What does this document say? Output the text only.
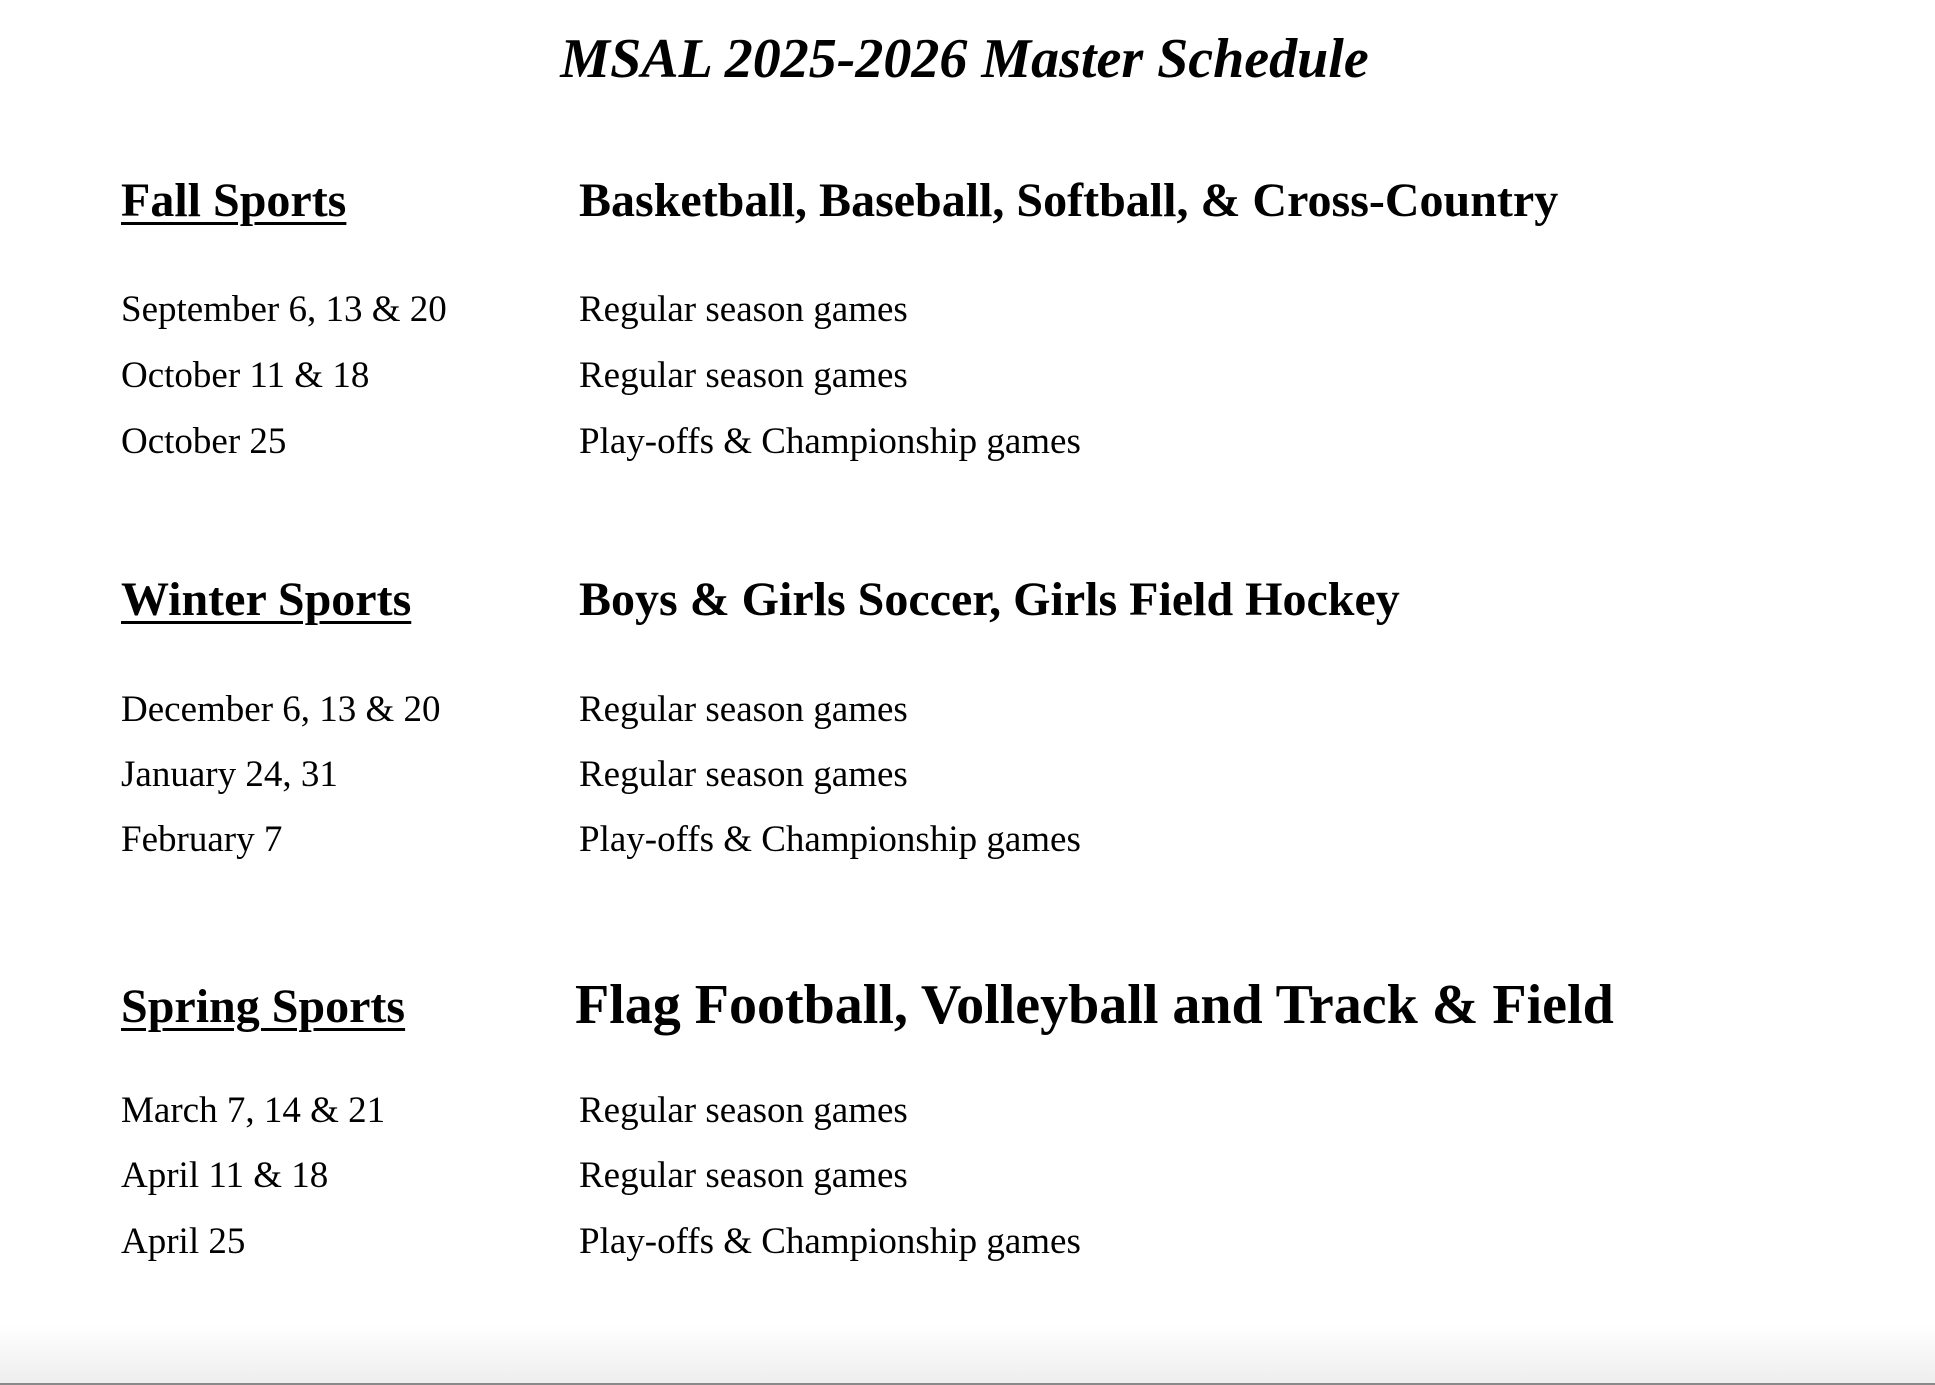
MSAL 2025-2026 Master Schedule
Fall Sports	Basketball, Baseball, Softball, & Cross-Country
September 6, 13 & 20	Regular season games
October 11 & 18	Regular season games
October 25	Play-offs & Championship games
Winter Sports	Boys & Girls Soccer, Girls Field Hockey
December 6, 13 & 20	Regular season games
January 24, 31	Regular season games
February 7	Play-offs & Championship games
Spring Sports	Flag Football, Volleyball and Track & Field
March 7, 14 & 21	Regular season games
April 11 & 18	Regular season games
April 25	Play-offs & Championship games
